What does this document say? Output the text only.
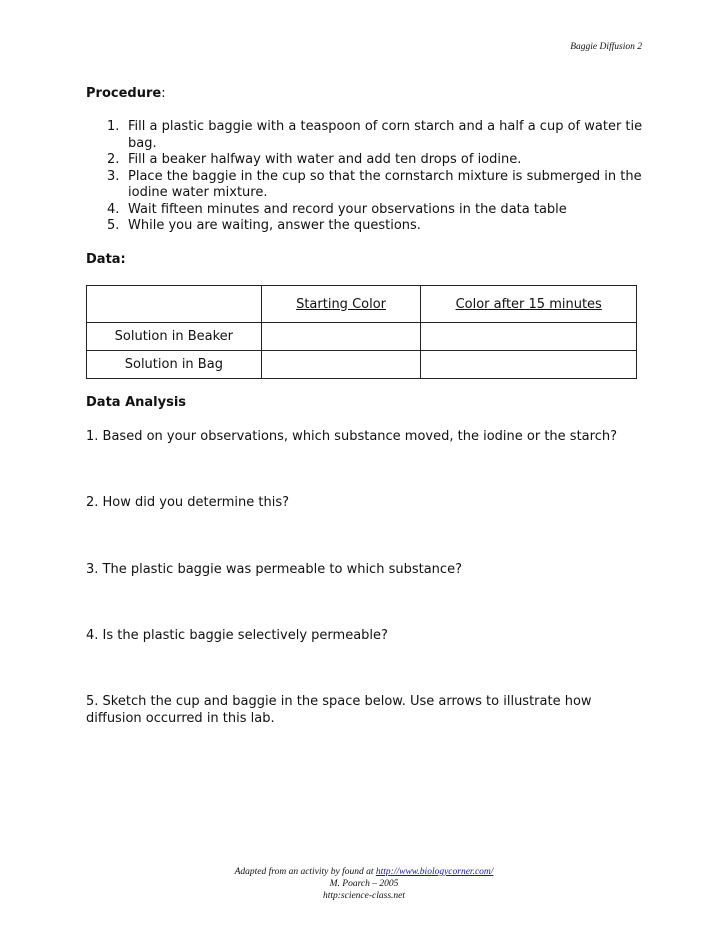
Baggie Diffusion 2
Procedure:
1. Fill a plastic baggie with a teaspoon of corn starch and a half a cup of water tie bag.
2. Fill a beaker halfway with water and add ten drops of iodine.
3. Place the baggie in the cup so that the cornstarch mixture is submerged in the iodine water mixture.
4. Wait fifteen minutes and record your observations in the data table
5. While you are waiting, answer the questions.
Data:
	Starting Color	Color after 15 minutes
Solution in Beaker		
Solution in Bag		
Data Analysis
1. Based on your observations, which substance moved, the iodine or the starch?
2. How did you determine this?
3. The plastic baggie was permeable to which substance?
4. Is the plastic baggie selectively permeable?
5. Sketch the cup and baggie in the space below. Use arrows to illustrate how diffusion occurred in this lab.
Adapted from an activity by found at http://www.biologycorner.com/
M. Poarch – 2005
http:science-class.net
